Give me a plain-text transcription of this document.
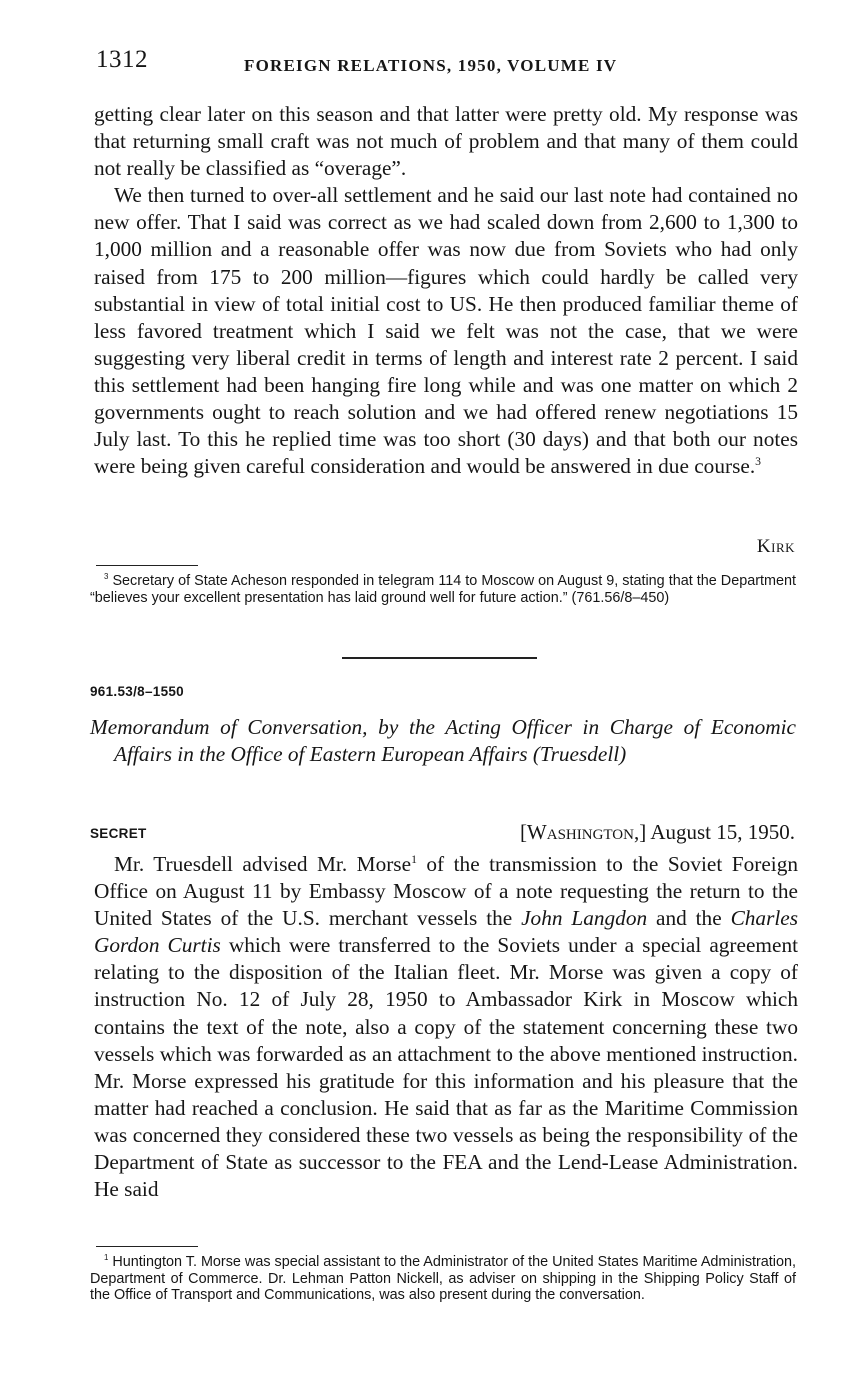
1312	FOREIGN RELATIONS, 1950, VOLUME IV

getting clear later on this season and that latter were pretty old. My response was that returning small craft was not much of problem and that many of them could not really be classified as “overage”.

We then turned to over-all settlement and he said our last note had contained no new offer. That I said was correct as we had scaled down from 2,600 to 1,300 to 1,000 million and a reasonable offer was now due from Soviets who had only raised from 175 to 200 million—figures which could hardly be called very substantial in view of total initial cost to US. He then produced familiar theme of less favored treatment which I said we felt was not the case, that we were suggesting very liberal credit in terms of length and interest rate 2 percent. I said this settlement had been hanging fire long while and was one matter on which 2 governments ought to reach solution and we had offered renew negotiations 15 July last. To this he replied time was too short (30 days) and that both our notes were being given careful consideration and would be answered in due course.$^3$

Kirk

$^3$ Secretary of State Acheson responded in telegram 114 to Moscow on August 9, stating that the Department “believes your excellent presentation has laid ground well for future action.” (761.56/8–450)

961.53/8–1550

Memorandum of Conversation, by the Acting Officer in Charge of Economic Affairs in the Office of Eastern European Affairs (Truesdell)

SECRET	[Washington,] August 15, 1950.

Mr. Truesdell advised Mr. Morse$^1$ of the transmission to the Soviet Foreign Office on August 11 by Embassy Moscow of a note requesting the return to the United States of the U.S. merchant vessels the John Langdon and the Charles Gordon Curtis which were transferred to the Soviets under a special agreement relating to the disposition of the Italian fleet. Mr. Morse was given a copy of instruction No. 12 of July 28, 1950 to Ambassador Kirk in Moscow which contains the text of the note, also a copy of the statement concerning these two vessels which was forwarded as an attachment to the above mentioned instruction. Mr. Morse expressed his gratitude for this information and his pleasure that the matter had reached a conclusion. He said that as far as the Maritime Commission was concerned they considered these two vessels as being the responsibility of the Department of State as successor to the FEA and the Lend-Lease Administration. He said

$^1$ Huntington T. Morse was special assistant to the Administrator of the United States Maritime Administration, Department of Commerce. Dr. Lehman Patton Nickell, as adviser on shipping in the Shipping Policy Staff of the Office of Transport and Communications, was also present during the conversation.
